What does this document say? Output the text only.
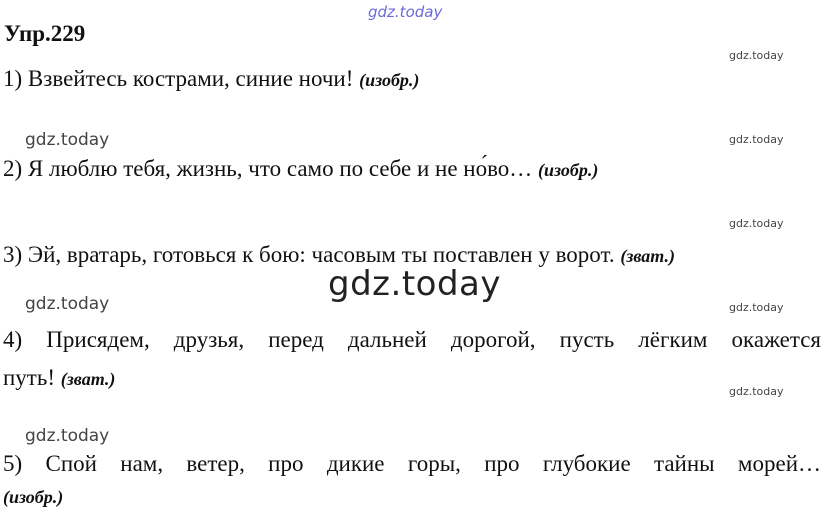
gdz.today
Упр.229
gdz.today
gdz.today
gdz.today
gdz.today
gdz.today
gdz.today
gdz.today
gdz.today
gdz.today
1) Взвейтесь кострами, синие ночи! (изобр.)
2) Я люблю тебя, жизнь, что само по себе и не но́во… (изобр.)
3) Эй, вратарь, готовься к бою: часовым ты поставлен у ворот. (зват.)
4) Присядем, друзья, перед дальней дорогой, пусть лёгким окажется
путь! (зват.)
5) Спой нам, ветер, про дикие горы, про глубокие тайны морей…
(изобр.)
